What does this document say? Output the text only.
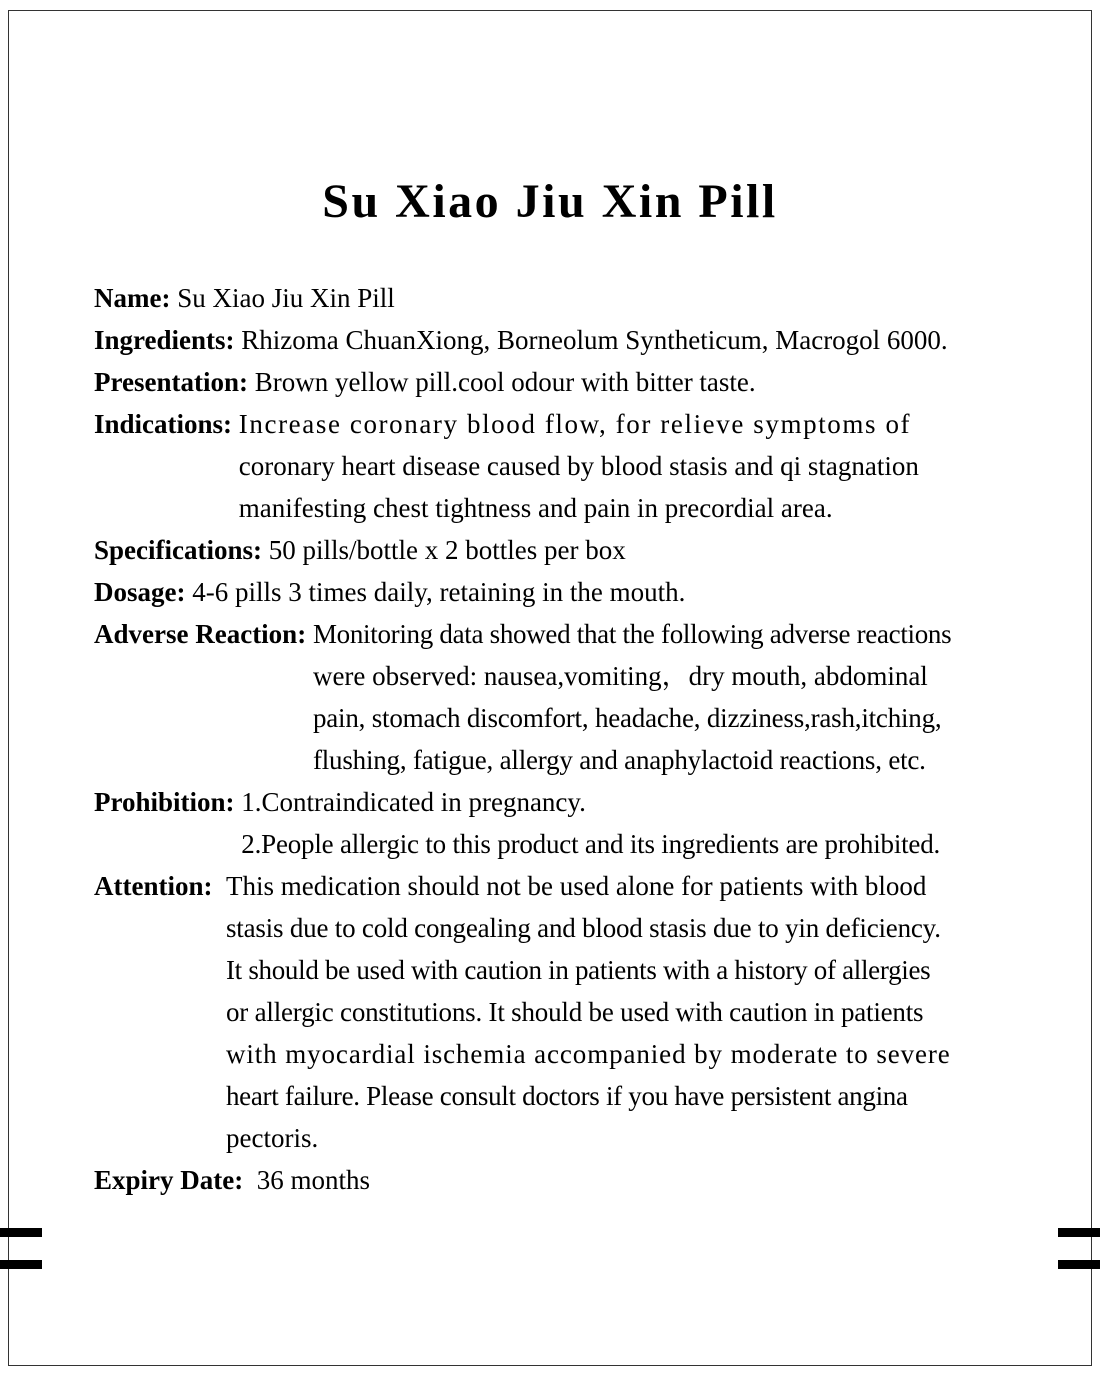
Su Xiao Jiu Xin Pill
Name:
Su Xiao Jiu Xin Pill
Ingredients:
Rhizoma ChuanXiong, Borneolum Syntheticum, Macrogol 6000.
Presentation:
Brown yellow pill.cool odour with bitter taste.
Indications:
Increase coronary blood flow, for relieve symptoms of
coronary heart disease caused by blood stasis and qi stagnation
manifesting chest tightness and pain in precordial area.
Specifications:
50 pills/bottle x 2 bottles per box
Dosage:
4-6 pills 3 times daily, retaining in the mouth.
Adverse Reaction:
Monitoring data showed that the following adverse reactions
were observed: nausea,vomiting，dry mouth, abdominal
pain, stomach discomfort, headache, dizziness,rash,itching,
flushing, fatigue, allergy and anaphylactoid reactions, etc.
Prohibition:
1.Contraindicated in pregnancy.
2.People allergic to this product and its ingredients are prohibited.
Attention:
This medication should not be used alone for patients with blood
stasis due to cold congealing and blood stasis due to yin deficiency.
It should be used with caution in patients with a history of allergies
or allergic constitutions. It should be used with caution in patients
with myocardial ischemia accompanied by moderate to severe
heart failure. Please consult doctors if you have persistent angina
pectoris.
Expiry Date:
36 months
